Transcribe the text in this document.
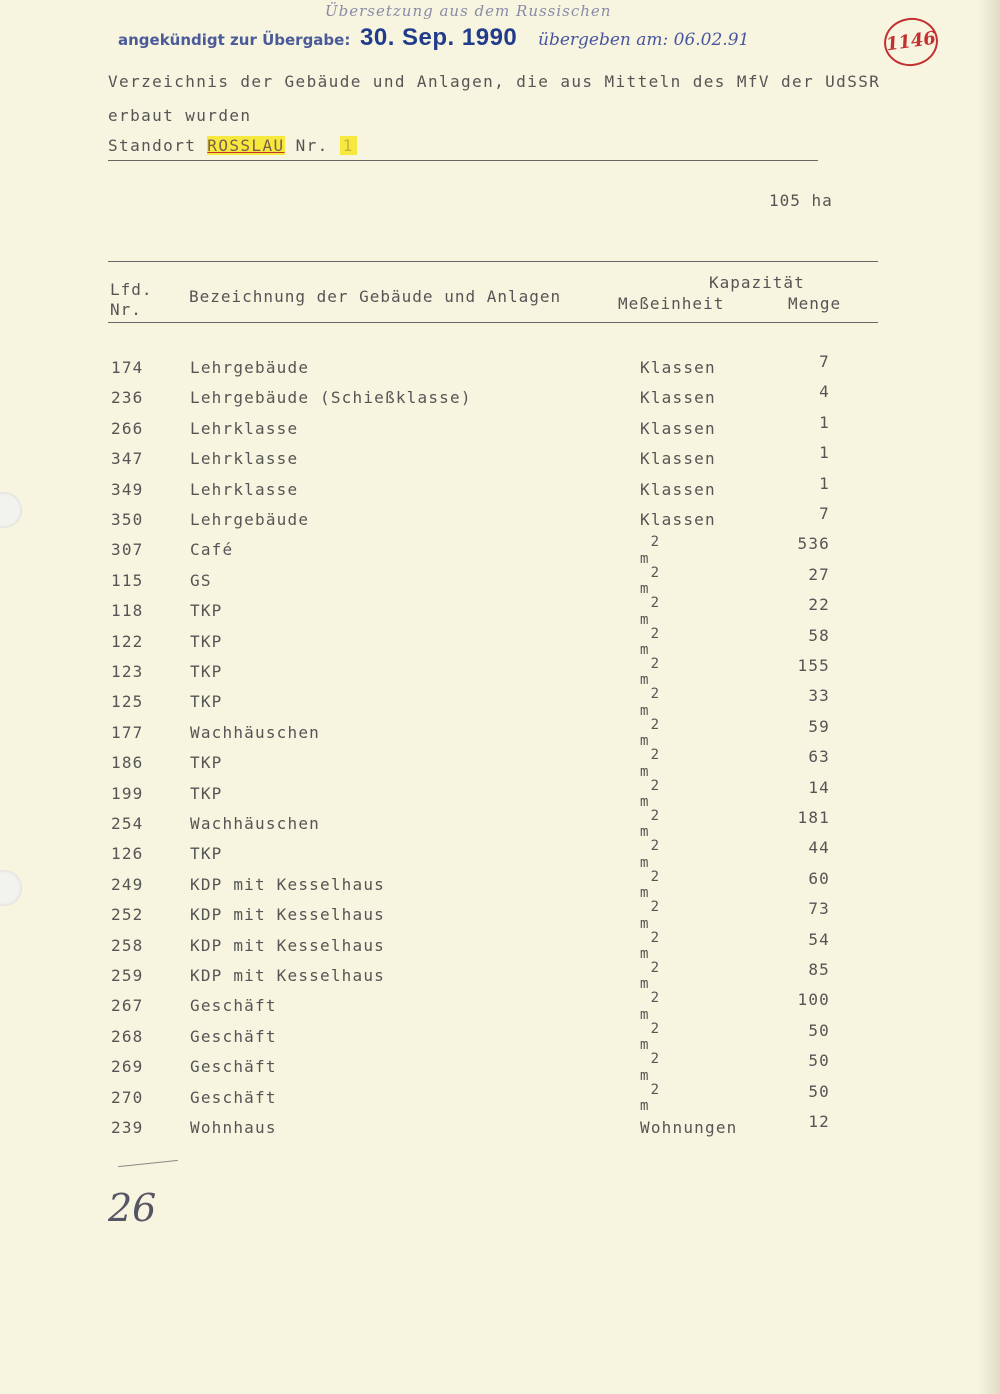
Übersetzung aus dem Russischen
angekündigt zur Übergabe: 30. Sep. 1990 übergeben am: 06.02.91	1146
Verzeichnis der Gebäude und Anlagen, die aus Mitteln des MfV der UdSSR
erbaut wurden
Standort ROSSLAU Nr. 1
105 ha
Lfd.
Nr.
Bezeichnung der Gebäude und Anlagen
Kapazität
Meßeinheit	Menge
174	Lehrgebäude	Klassen	7
236	Lehrgebäude (Schießklasse)	Klassen	4
266	Lehrklasse	Klassen	1
347	Lehrklasse	Klassen	1
349	Lehrklasse	Klassen	1
350	Lehrgebäude	Klassen	7
307	Café	$m^2$	536
115	GS	$m^2$	27
118	TKP	$m^2$	22
122	TKP	$m^2$	58
123	TKP	$m^2$	155
125	TKP	$m^2$	33
177	Wachhäuschen	$m^2$	59
186	TKP	$m^2$	63
199	TKP	$m^2$	14
254	Wachhäuschen	$m^2$	181
126	TKP	$m^2$	44
249	KDP mit Kesselhaus	$m^2$	60
252	KDP mit Kesselhaus	$m^2$	73
258	KDP mit Kesselhaus	$m^2$	54
259	KDP mit Kesselhaus	$m^2$	85
267	Geschäft	$m^2$	100
268	Geschäft	$m^2$	50
269	Geschäft	$m^2$	50
270	Geschäft	$m^2$	50
239	Wohnhaus	Wohnungen	12
26
